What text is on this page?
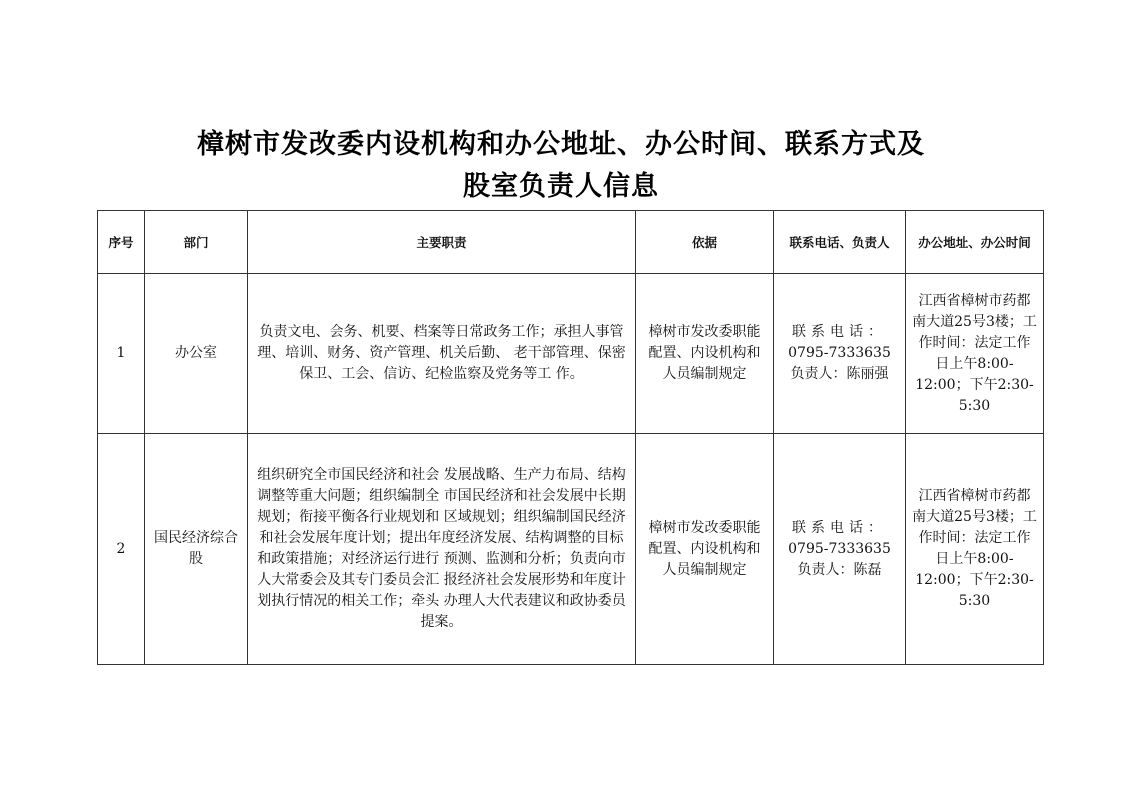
樟树市发改委内设机构和办公地址、办公时间、联系方式及
股室负责人信息
序号	部门	主要职责	依据	联系电话、负责人	办公地址、办公时间
1	办公室	负责文电、会务、机要、档案等日常政务工作；承担人事管理、培训、财务、资产管理、机关后勤、 老干部管理、保密保卫、工会、信访、纪检监察及党务等工 作。	樟树市发改委职能配置、内设机构和人员编制规定	联系电话：
0795-7333635
负责人：陈丽强	江西省樟树市药都南大道25号3楼；工作时间：法定工作日上午8:00-12:00；下午2:30-5:30
2	国民经济综合股	组织研究全市国民经济和社会 发展战略、生产力布局、结构调整等重大问题；组织编制全 市国民经济和社会发展中长期规划；衔接平衡各行业规划和 区域规划；组织编制国民经济和社会发展年度计划；提出年度经济发展、结构调整的目标和政策措施；对经济运行进行 预测、监测和分析；负责向市人大常委会及其专门委员会汇 报经济社会发展形势和年度计划执行情况的相关工作；牵头 办理人大代表建议和政协委员提案。	樟树市发改委职能配置、内设机构和人员编制规定	联系电话：
0795-7333635
负责人：陈磊	江西省樟树市药都南大道25号3楼；工作时间：法定工作日上午8:00-12:00；下午2:30-5:30
